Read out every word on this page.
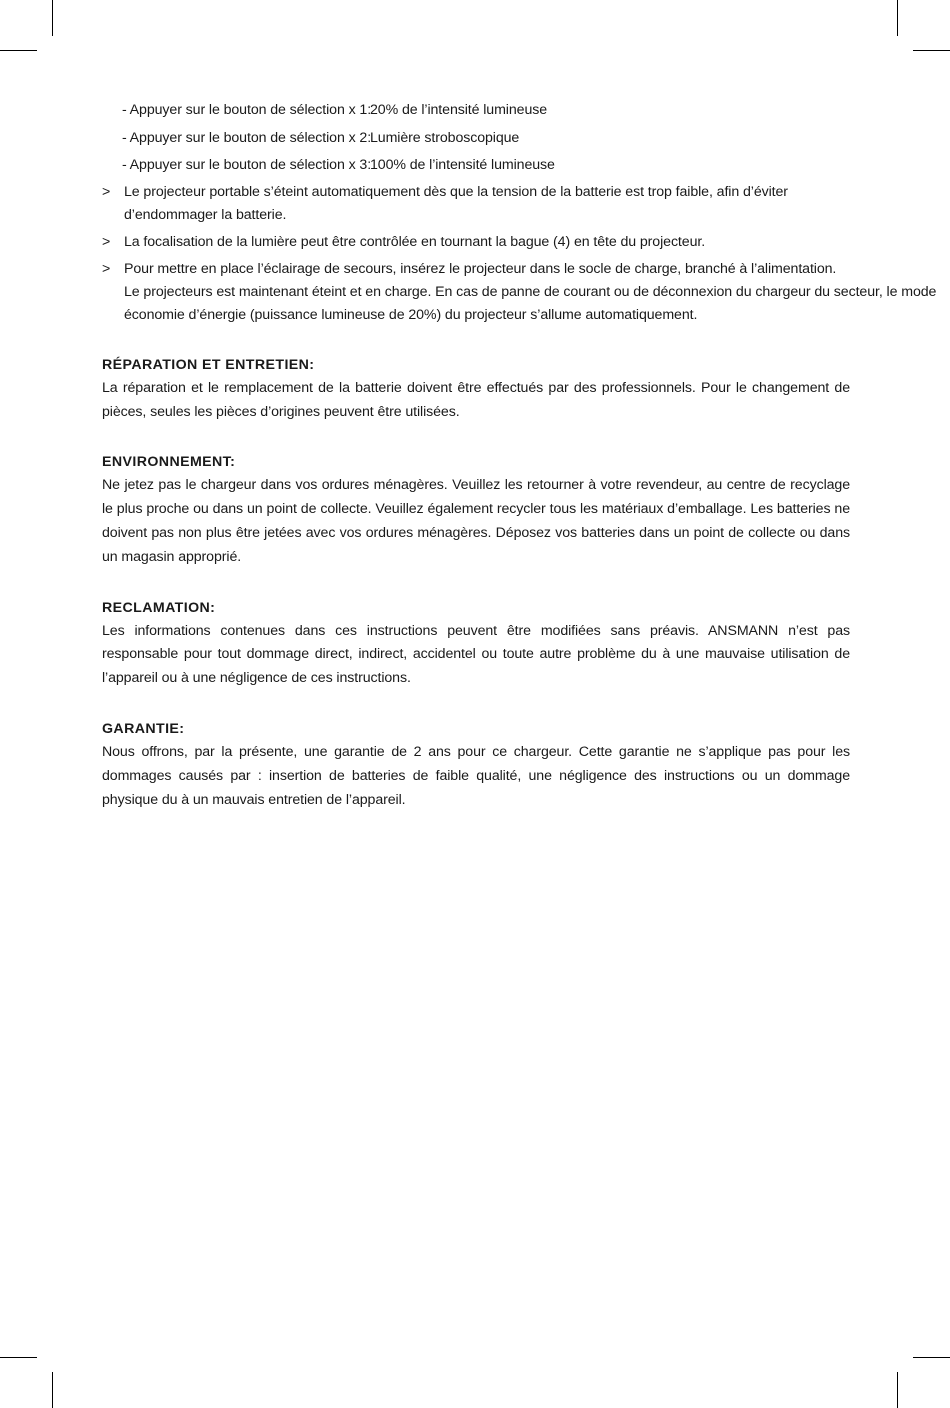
- Appuyer sur le bouton de sélection x 1:20% de l’intensité lumineuse
- Appuyer sur le bouton de sélection x 2:Lumière stroboscopique
- Appuyer sur le bouton de sélection x 3:100% de l’intensité lumineuse
> Le projecteur portable s’éteint automatiquement dès que la tension de la batterie est trop faible, afin d’éviter
d’endommager la batterie.
> La focalisation de la lumière peut être contrôlée en tournant la bague (4) en tête du projecteur.
> Pour mettre en place l’éclairage de secours, insérez le projecteur dans le socle de charge, branché à l’alimentation.
Le projecteurs est maintenant éteint et en charge. En cas de panne de courant ou de déconnexion du chargeur du secteur, le mode
économie d’énergie (puissance lumineuse de 20%) du projecteur s’allume automatiquement.
RÉPARATION ET ENTRETIEN:

La réparation et le remplacement de la batterie doivent être effectués par des professionnels. Pour le changement de pièces, seules les pièces d’origines peuvent être utilisées.

ENVIRONNEMENT:

Ne jetez pas le chargeur dans vos ordures ménagères. Veuillez les retourner à votre revendeur, au centre de recyclage le plus proche ou dans un point de collecte. Veuillez également recycler tous les matériaux d’emballage. Les batteries ne doivent pas non plus être jetées avec vos ordures ménagères. Déposez vos batteries dans un point de collecte ou dans un magasin approprié.

RECLAMATION:

Les informations contenues dans ces instructions peuvent être modifiées sans préavis. ANSMANN n’est pas responsable pour tout dommage direct, indirect, accidentel ou toute autre problème du à une mauvaise utilisation de l’appareil ou à une négligence de ces instructions.

GARANTIE:

Nous offrons, par la présente, une garantie de 2 ans pour ce chargeur. Cette garantie ne s’applique pas pour les dommages causés par : insertion de batteries de faible qualité, une négligence des instructions ou un dommage physique du à un mauvais entretien de l’appareil.
